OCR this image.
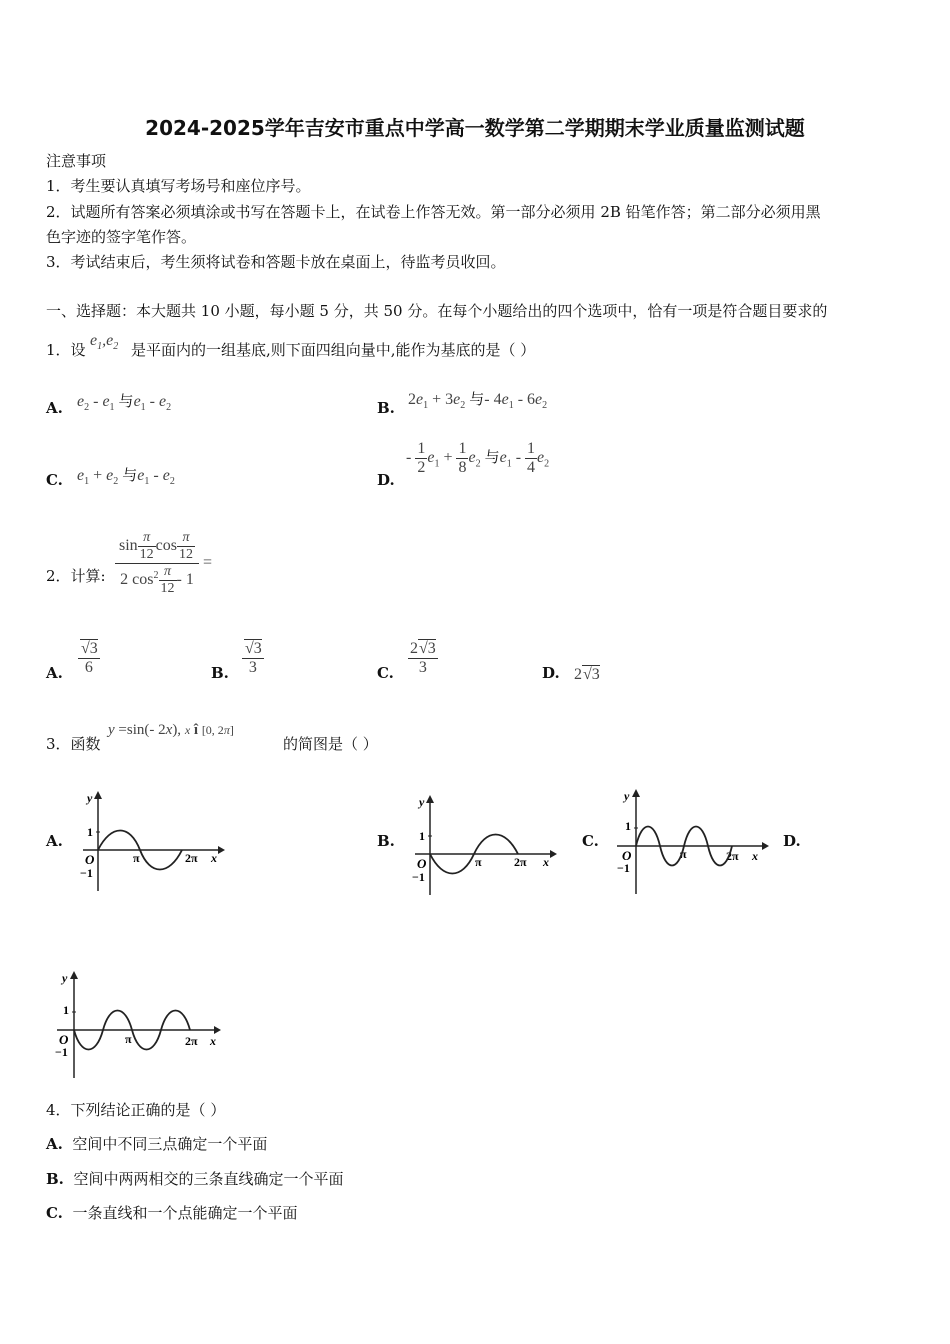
2024-2025学年吉安市重点中学高一数学第二学期期末学业质量监测试题
注意事项
1．考生要认真填写考场号和座位序号。
2．试题所有答案必须填涂或书写在答题卡上，在试卷上作答无效。第一部分必须用 2B 铅笔作答；第二部分必须用黑
色字迹的签字笔作答。
3．考试结束后，考生须将试卷和答题卡放在桌面上，待监考员收回。
一、选择题：本大题共 10 小题，每小题 5 分，共 50 分。在每个小题给出的四个选项中，恰有一项是符合题目要求的
1．设
$e_1,e_2$ 是平面内的一组基底,则下面四组向量中,能作为基底的是（ ）
A. $e_2 - e_1$ 与$e_1 - e_2$	B. $2e_1 + 3e_2$ 与- $4e_1 - 6e_2$
C. $e_1 + e_2$ 与$e_1 - e_2$	D.
- $\frac{1}{2} e_1 + \frac{1}{8} e_2$ 与$e_1 - \frac{1}{4} e_2$
2．计算: $\frac{\sin \frac{\pi}{12} \cos \frac{\pi}{12}}{2 \cos^2 \frac{\pi}{12} - 1}$ =
A. $\frac{√3}{6}$	B. $\frac{√3}{3}$	C. $\frac{2√3}{3}$	D. 2√3
3．函数
y =sin(- 2x), x î [0, 2π]
的简图是（ ）
A.
y
1
O
−1
π	2π x
B.
y
1
O
−1
π	2π x
C.
y
1
O
−1
π	2π x
D.
y
1
O
−1
π	2π x
4．下列结论正确的是（ ）
A. 空间中不同三点确定一个平面
B. 空间中两两相交的三条直线确定一个平面
C. 一条直线和一个点能确定一个平面
